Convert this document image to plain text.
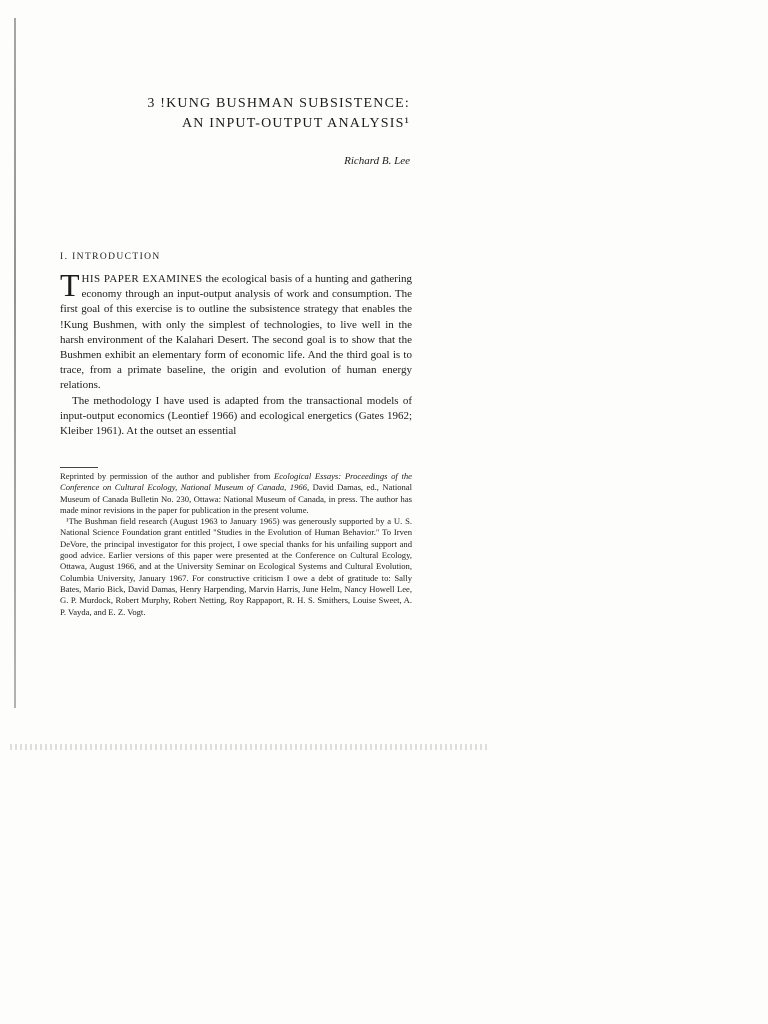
3 !KUNG BUSHMAN SUBSISTENCE:
AN INPUT-OUTPUT ANALYSIS¹
Richard B. Lee
I. INTRODUCTION

THIS PAPER EXAMINES the ecological basis of a hunting and gathering economy through an input-output analysis of work and consumption. The first goal of this exercise is to outline the subsistence strategy that enables the !Kung Bushmen, with only the simplest of technologies, to live well in the harsh environment of the Kalahari Desert. The second goal is to show that the Bushmen exhibit an elementary form of economic life. And the third goal is to trace, from a primate baseline, the origin and evolution of human energy relations.

The methodology I have used is adapted from the transactional models of input-output economics (Leontief 1966) and ecological energetics (Gates 1962; Kleiber 1961). At the outset an essential

Reprinted by permission of the author and publisher from Ecological Essays: Proceedings of the Conference on Cultural Ecology, National Museum of Canada, 1966, David Damas, ed., National Museum of Canada Bulletin No. 230, Ottawa: National Museum of Canada, in press. The author has made minor revisions in the paper for publication in the present volume.

¹The Bushman field research (August 1963 to January 1965) was generously supported by a U. S. National Science Foundation grant entitled "Studies in the Evolution of Human Behavior." To Irven DeVore, the principal investigator for this project, I owe special thanks for his unfailing support and good advice. Earlier versions of this paper were presented at the Conference on Cultural Ecology, Ottawa, August 1966, and at the University Seminar on Ecological Systems and Cultural Evolution, Columbia University, January 1967. For constructive criticism I owe a debt of gratitude to: Sally Bates, Mario Bick, David Damas, Henry Harpending, Marvin Harris, June Helm, Nancy Howell Lee, G. P. Murdock, Robert Murphy, Robert Netting, Roy Rappaport, R. H. S. Smithers, Louise Sweet, A. P. Vayda, and E. Z. Vogt.
